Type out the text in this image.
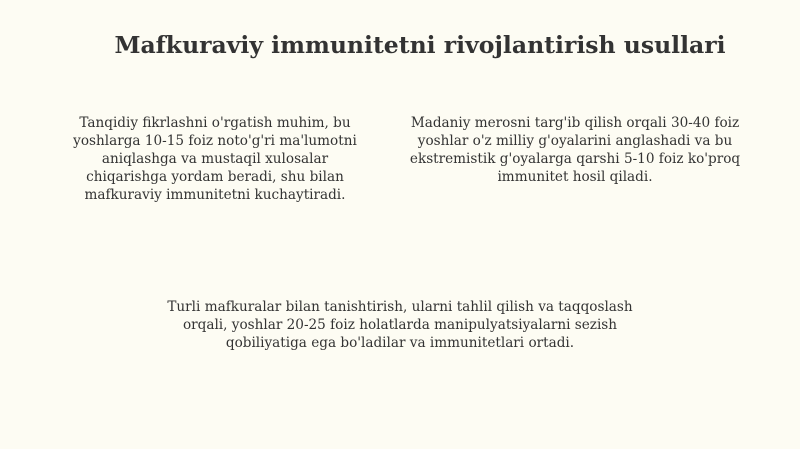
Mafkuraviy immunitetni rivojlantirish usullari

Tanqidiy fikrlashni o'rgatish muhim, bu yoshlarga 10-15 foiz noto'g'ri ma'lumotni aniqlashga va mustaqil xulosalar chiqarishga yordam beradi, shu bilan mafkuraviy immunitetni kuchaytiradi.

Madaniy merosni targ'ib qilish orqali 30-40 foiz yoshlar o'z milliy g'oyalarini anglashadi va bu ekstremistik g'oyalarga qarshi 5-10 foiz ko'proq immunitet hosil qiladi.

Turli mafkuralar bilan tanishtirish, ularni tahlil qilish va taqqoslash orqali, yoshlar 20-25 foiz holatlarda manipulyatsiyalarni sezish qobiliyatiga ega bo'ladilar va immunitetlari ortadi.
